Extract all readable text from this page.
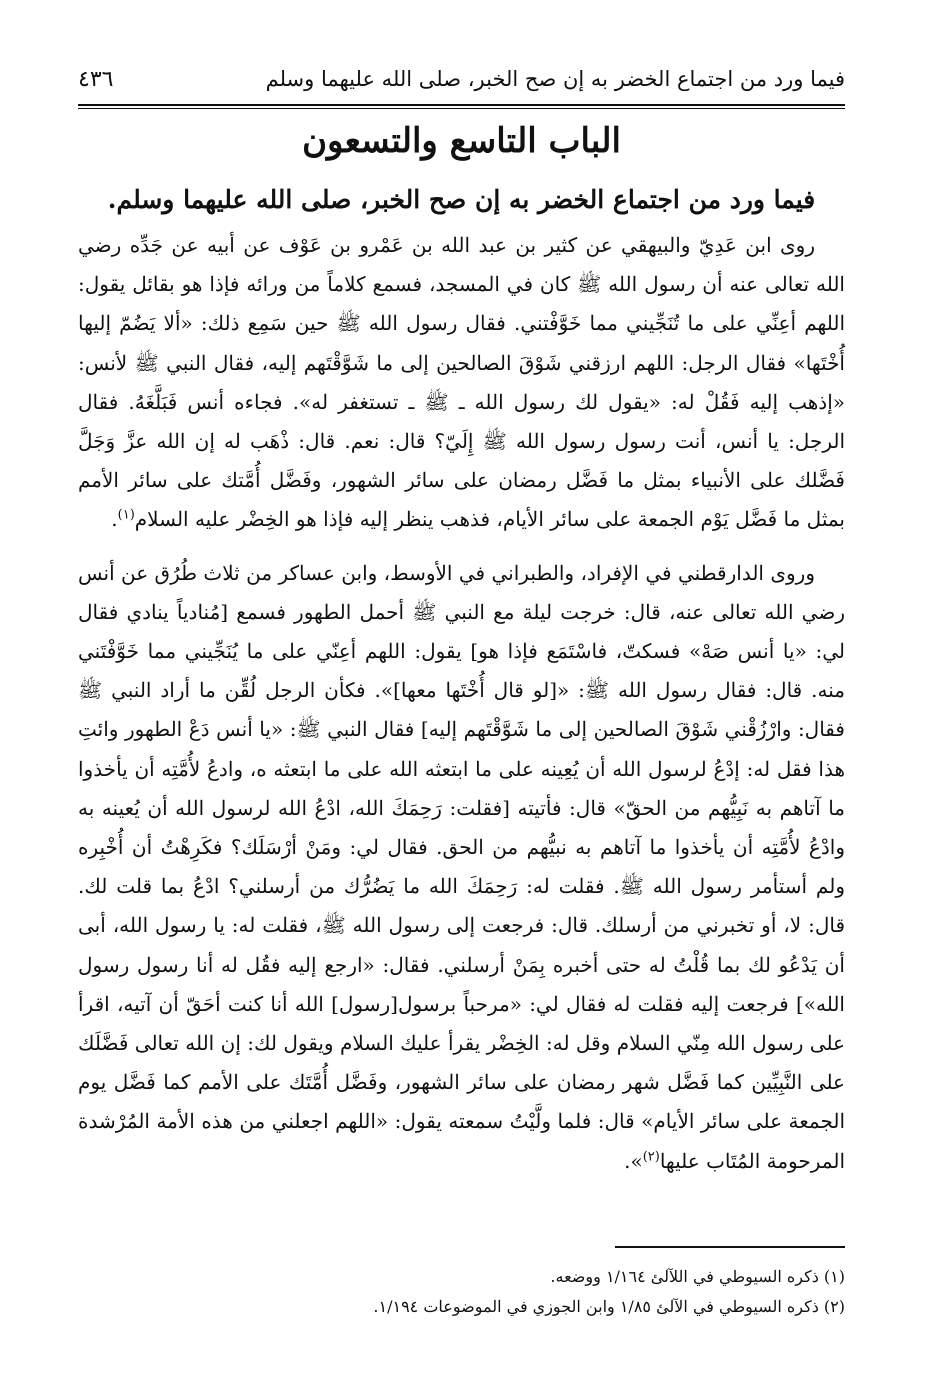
فيما ورد من اجتماع الخضر به إن صح الخبر، صلى الله عليهما وسلم
٤٣٦
الباب التاسع والتسعون
فيما ورد من اجتماع الخضر به إن صح الخبر، صلى الله عليهما وسلم.

روى ابن عَدِيّ والبيهقي عن كثير بن عبد الله بن عَمْرو بن عَوْف عن أبيه عن جَدِّه رضي الله تعالى عنه أن رسول الله ﷺ كان في المسجد، فسمع كلاماً من ورائه فإذا هو بقائل يقول: اللهم أعِنِّي على ما تُنَجِّيني مما خَوَّفْتني. فقال رسول الله ﷺ حين سَمِع ذلك: «ألا يَضُمّ إليها أُخْتَها» فقال الرجل: اللهم ارزقني شَوْقَ الصالحين إلى ما شَوَّقْتَهم إليه، فقال النبي ﷺ لأنس: «إذهب إليه فَقُلْ له: «يقول لك رسول الله ـ ﷺ ـ تستغفر له». فجاءه أنس فَبَلَّغَهُ. فقال الرجل: يا أنس، أنت رسول رسول الله ﷺ إِلَيّ؟ قال: نعم. قال: ذْهَب له إن الله عزَّ وَجَلَّ فَضَّلك على الأنبياء بمثل ما فَضَّل رمضان على سائر الشهور، وفَضَّل أُمَّتك على سائر الأمم بمثل ما فَضَّل يَوْم الجمعة على سائر الأيام، فذهب ينظر إليه فإذا هو الخِضْر عليه السلام$^{(١)}$.

وروى الدارقطني في الإفراد، والطبراني في الأوسط، وابن عساكر من ثلاث طُرُق عن أنس رضي الله تعالى عنه، قال: خرجت ليلة مع النبي ﷺ أحمل الطهور فسمع [مُنادياً ينادي فقال لي: «يا أنس صَهْ» فسكتّ، فاسْتَمَع فإذا هو] يقول: اللهم أعِنّي على ما يُنَجِّيني مما خَوَّفْتَني منه. قال: فقال رسول الله ﷺ: «[لو قال أُخْتَها معها]». فكأن الرجل لُقِّن ما أراد النبي ﷺ فقال: وارْزُقْني شَوْقَ الصالحين إلى ما شَوَّقْتَهم إليه] فقال النبي ﷺ: «يا أنس دَعْ الطهور وائتِ هذا فقل له: إدْعُ لرسول الله أن يُعِينه على ما ابتعثه الله على ما ابتعثه ه، وادعُ لأُمَّتِه أن يأخذوا ما آتاهم به نَبِيُّهم من الحقّ» قال: فأتيته [فقلت: رَحِمَكَ الله، ادْعُ الله لرسول الله أن يُعينه به وادْعُ لأُمَّتِه أن يأخذوا ما آتاهم به نبيُّهم من الحق. فقال لي: ومَنْ أرْسَلَك؟ فكَرِهْتُ أن أُخْبِره ولم أستأمر رسول الله ﷺ. فقلت له: رَحِمَكَ الله ما يَضُرُّك من أرسلني؟ ادْعُ بما قلت لك. قال: لا، أو تخبرني من أرسلك. قال: فرجعت إلى رسول الله ﷺ، فقلت له: يا رسول الله، أبى أن يَدْعُو لك بما قُلْتُ له حتى أخبره بِمَنْ أرسلني. فقال: «ارجع إليه فقُل له أنا رسول رسول الله»] فرجعت إليه فقلت له فقال لي: «مرحباً برسول[رسول] الله أنا كنت أحَقّ أن آتيه، اقرأ على رسول الله مِنّي السلام وقل له: الخِضْر يقرأ عليك السلام ويقول لك: إن الله تعالى فَضَّلَك على النَّبِيِّين كما فَضَّل شهر رمضان على سائر الشهور، وفَضَّل أُمَّتَك على الأمم كما فَضَّل يوم الجمعة على سائر الأيام» قال: فلما ولَّيْتُ سمعته يقول: «اللهم اجعلني من هذه الأمة المُرْشدة المرحومة المُتَاب عليها$^{(٢)}$».

(١) ذكره السيوطي في اللآلئ ١/١٦٤ ووضعه.

(٢) ذكره السيوطي في الآلئ ١/٨٥ وابن الجوزي في الموضوعات ١/١٩٤.
